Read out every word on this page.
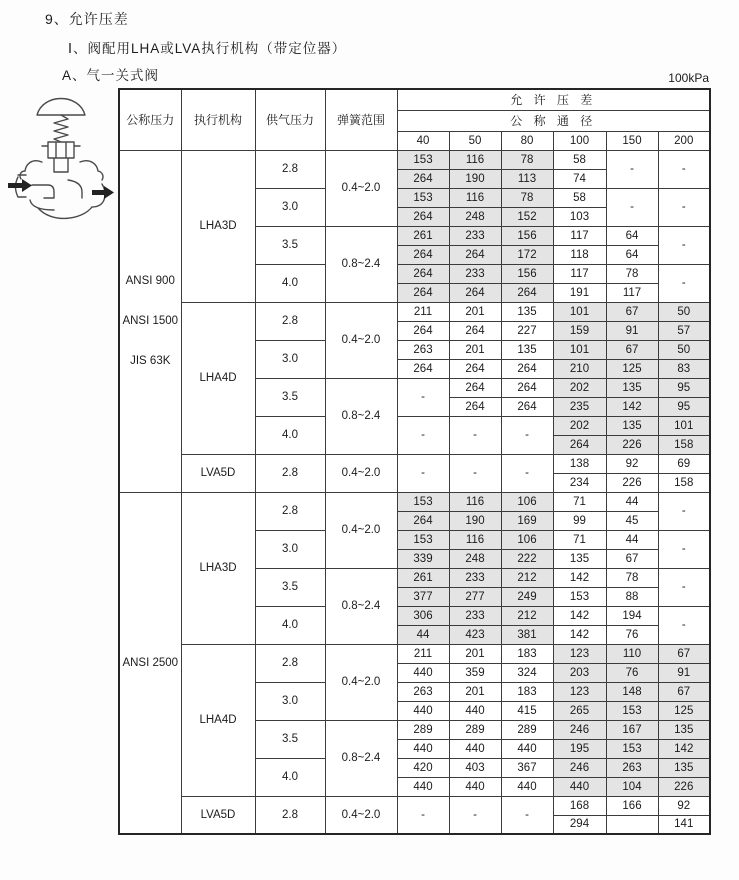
9、允许压差
Ⅰ、阀配用LHA或LVA执行机构（带定位器）
A、气一关式阀	100kPa
公称压力	执行机构	供气压力	弹簧范围	允 许 压 差					
				公 称 通 径					
				40	50	80	100	150	200

ANSI 900
ANSI 1500
JIS 63K	LHA3D	2.8	0.4~2.0	153	116	78	58	-	-
				264	190	113	74		
		3.0		153	116	78	58	-	-
				264	248	152	103		
		3.5	0.8~2.4	261	233	156	117	64	-
				264	264	172	118	64	
		4.0		264	233	156	117	78	-
				264	264	264	191	117	
	LHA4D	2.8	0.4~2.0	211	201	135	101	67	50
				264	264	227	159	91	57
		3.0		263	201	135	101	67	50
				264	264	264	210	125	83
		3.5	0.8~2.4	-	264	264	202	135	95
					264	264	235	142	95
		4.0		-	-	-	202	135	101
							264	226	158
	LVA5D	2.8	0.4~2.0	-	-	-	138	92	69
							234	226	158
ANSI 2500	LHA3D	2.8	0.4~2.0	153	116	106	71	44	-
				264	190	169	99	45	
		3.0		153	116	106	71	44	-
				339	248	222	135	67	
		3.5	0.8~2.4	261	233	212	142	78	-
				377	277	249	153	88	
		4.0		306	233	212	142	194	-
				44	423	381	142	76	
	LHA4D	2.8	0.4~2.0	211	201	183	123	110	67
				440	359	324	203	76	91
		3.0		263	201	183	123	148	67
				440	440	415	265	153	125
		3.5	0.8~2.4	289	289	289	246	167	135
				440	440	440	195	153	142
		4.0		420	403	367	246	263	135
				440	440	440	440	104	226
	LVA5D	2.8	0.4~2.0	-	-	-	168	166	92
							294		141
